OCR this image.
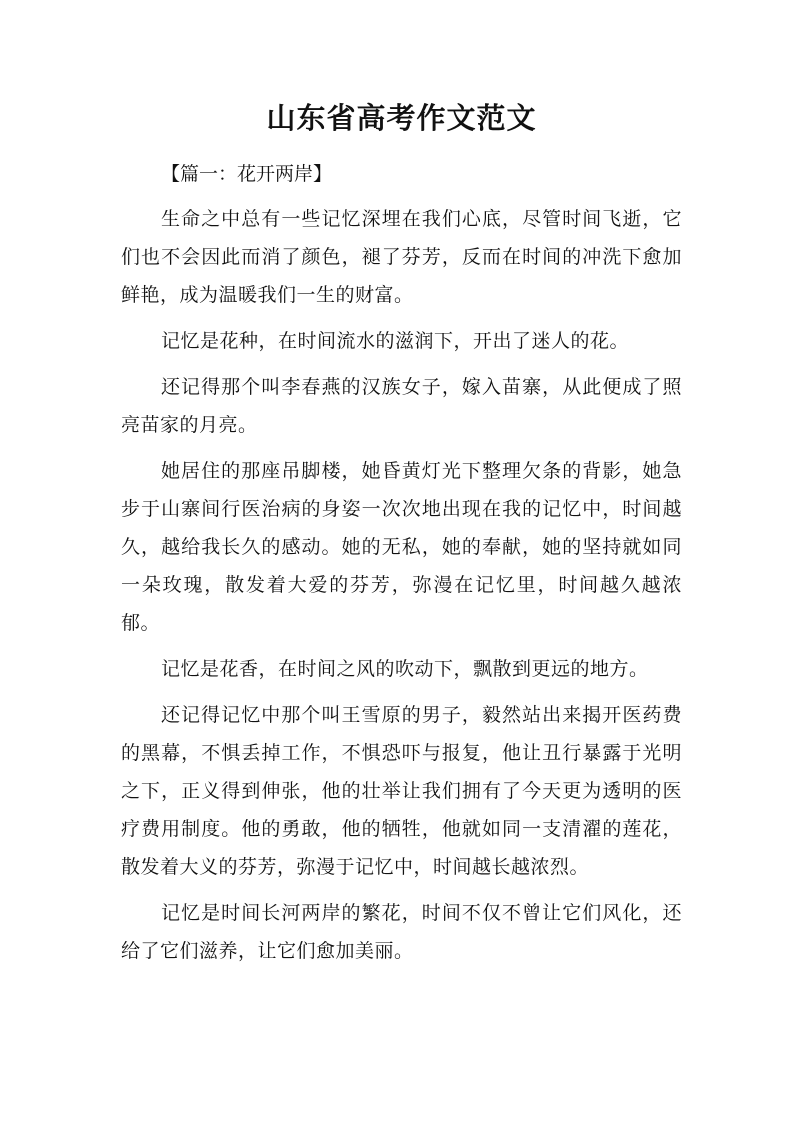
山东省高考作文范文
【篇一：花开两岸】

生命之中总有一些记忆深埋在我们心底，尽管时间飞逝，它们也不会因此而消了颜色，褪了芬芳，反而在时间的冲洗下愈加鲜艳，成为温暖我们一生的财富。

记忆是花种，在时间流水的滋润下，开出了迷人的花。

还记得那个叫李春燕的汉族女子，嫁入苗寨，从此便成了照亮苗家的月亮。

她居住的那座吊脚楼，她昏黄灯光下整理欠条的背影，她急步于山寨间行医治病的身姿一次次地出现在我的记忆中，时间越久，越给我长久的感动。她的无私，她的奉献，她的坚持就如同一朵玫瑰，散发着大爱的芬芳，弥漫在记忆里，时间越久越浓郁。

记忆是花香，在时间之风的吹动下，飘散到更远的地方。

还记得记忆中那个叫王雪原的男子，毅然站出来揭开医药费的黑幕，不惧丢掉工作，不惧恐吓与报复，他让丑行暴露于光明之下，正义得到伸张，他的壮举让我们拥有了今天更为透明的医疗费用制度。他的勇敢，他的牺牲，他就如同一支清濯的莲花，散发着大义的芬芳，弥漫于记忆中，时间越长越浓烈。

记忆是时间长河两岸的繁花，时间不仅不曾让它们风化，还给了它们滋养，让它们愈加美丽。
